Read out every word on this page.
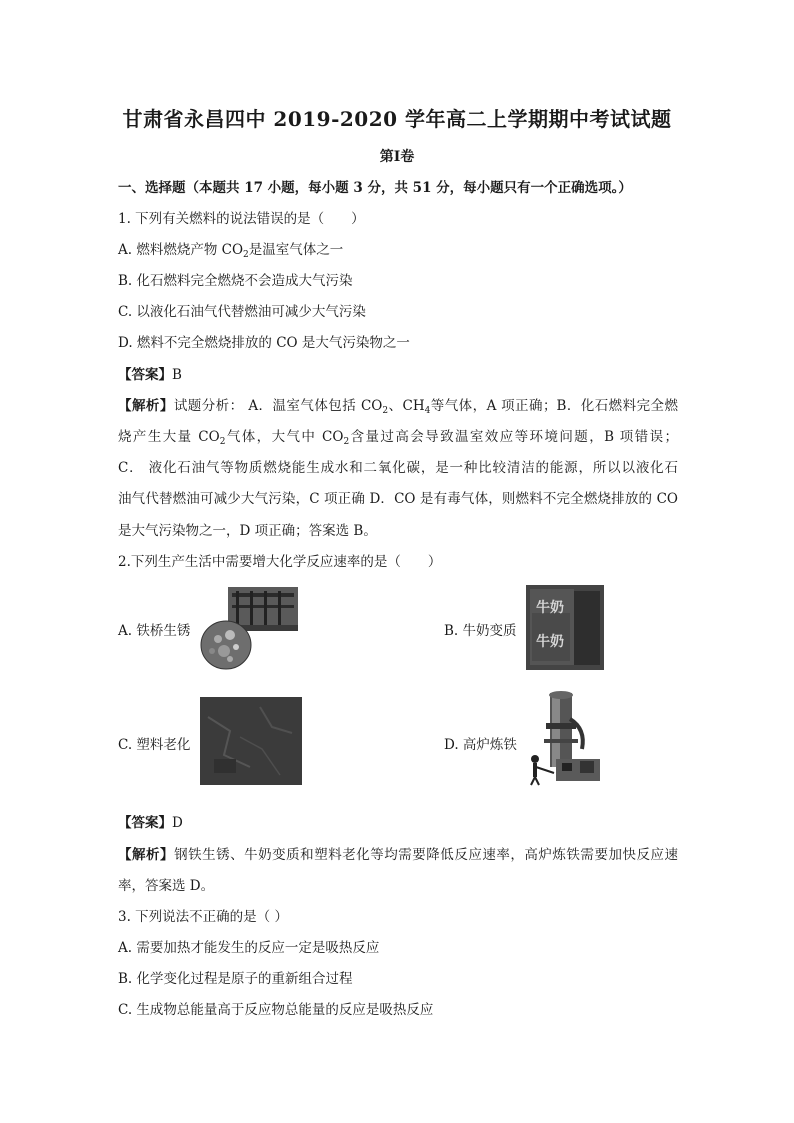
甘肃省永昌四中 2019-2020 学年高二上学期期中考试试题
第Ⅰ卷
一、选择题（本题共 17 小题，每小题 3 分，共 51 分，每小题只有一个正确选项。）
1. 下列有关燃料的说法错误的是（　　）
A. 燃料燃烧产物 $CO_2$是温室气体之一
B. 化石燃料完全燃烧不会造成大气污染
C. 以液化石油气代替燃油可减少大气污染
D. 燃料不完全燃烧排放的 CO 是大气污染物之一
【答案】B
【解析】试题分析： A．温室气体包括 $CO_2$、$CH_4$等气体，A 项正确；B．化石燃料完全燃
烧产生大量 $CO_2$气体，大气中 $CO_2$含量过高会导致温室效应等环境问题，B 项错误；
C． 液化石油气等物质燃烧能生成水和二氧化碳，是一种比较清洁的能源，所以以液化石
油气代替燃油可减少大气污染，C 项正确 D．CO 是有毒气体，则燃料不完全燃烧排放的 CO
是大气污染物之一，D 项正确；答案选 B。
2.下列生产生活中需要增大化学反应速率的是（　　）
A. 铁桥生锈	B. 牛奶变质
牛奶
牛奶
C. 塑料老化	D. 高炉炼铁
【答案】D
【解析】钢铁生锈、牛奶变质和塑料老化等均需要降低反应速率，高炉炼铁需要加快反应速
率，答案选 D。
3. 下列说法不正确的是（ ）
A. 需要加热才能发生的反应一定是吸热反应
B. 化学变化过程是原子的重新组合过程
C. 生成物总能量高于反应物总能量的反应是吸热反应
